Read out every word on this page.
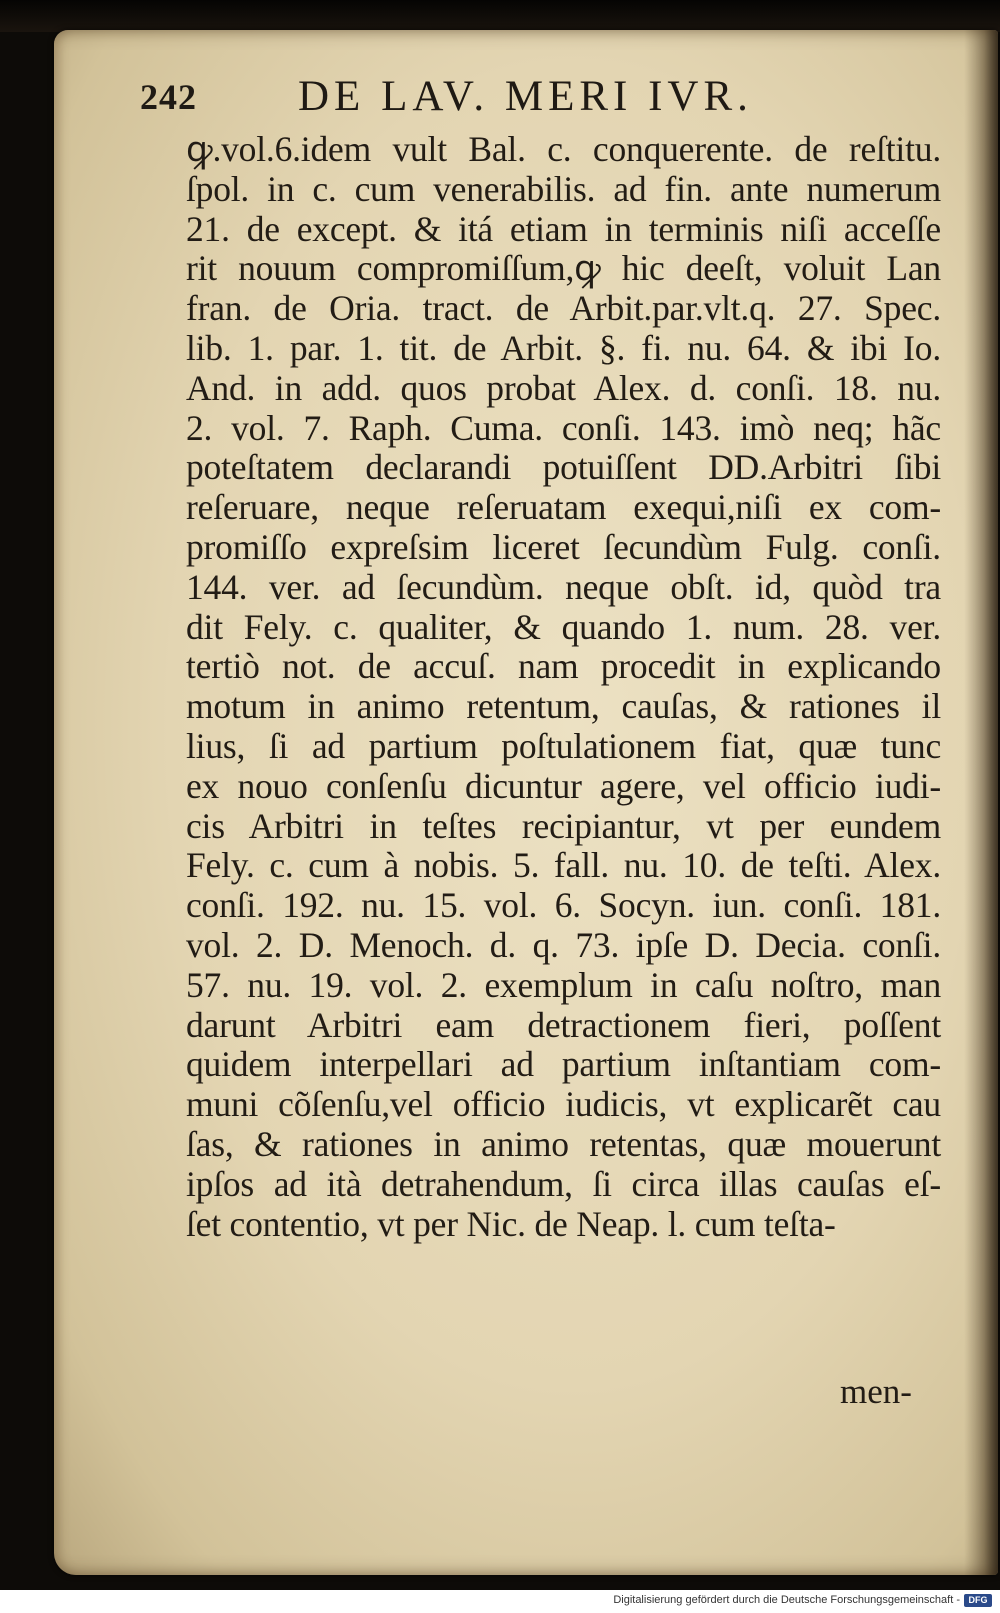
242 DE LAV. MERI IVR.
ꝙ.vol.6.idem vult Bal. c. conquerente. de reſtitu.
ſpol. in c. cum venerabilis. ad fin. ante numerum
21. de except. & itá etiam in terminis niſi acceſſe
rit nouum compromiſſum,ꝙ hic deeſt, voluit Lan
fran. de Oria. tract. de Arbit.par.vlt.q. 27. Spec.
lib. 1. par. 1. tit. de Arbit. §. fi. nu. 64. & ibi Io.
And. in add. quos probat Alex. d. conſi. 18. nu.
2. vol. 7. Raph. Cuma. conſi. 143. imò neq; hãc
poteſtatem declarandi potuiſſent DD.Arbitri ſibi
reſeruare, neque reſeruatam exequi,niſi ex com-
promiſſo expreſsim liceret ſecundùm Fulg. conſi.
144. ver. ad ſecundùm. neque obſt. id, quòd tra
dit Fely. c. qualiter, & quando 1. num. 28. ver.
tertiò not. de accuſ. nam procedit in explicando
motum in animo retentum, cauſas, & rationes il
lius, ſi ad partium poſtulationem fiat, quæ tunc
ex nouo conſenſu dicuntur agere, vel officio iudi-
cis Arbitri in teſtes recipiantur, vt per eundem
Fely. c. cum à nobis. 5. fall. nu. 10. de teſti. Alex.
conſi. 192. nu. 15. vol. 6. Socyn. iun. conſi. 181.
vol. 2. D. Menoch. d. q. 73. ipſe D. Decia. conſi.
57. nu. 19. vol. 2. exemplum in caſu noſtro, man
darunt Arbitri eam detractionem fieri, poſſent
quidem interpellari ad partium inſtantiam com-
muni cõſenſu,vel officio iudicis, vt explicarẽt cau
ſas, & rationes in animo retentas, quæ mouerunt
ipſos ad ità detrahendum, ſi circa illas cauſas eſ-
ſet contentio, vt per Nic. de Neap. l. cum teſta-
men-
Digitalisierung gefördert durch die Deutsche Forschungsgemeinschaft - DFG
